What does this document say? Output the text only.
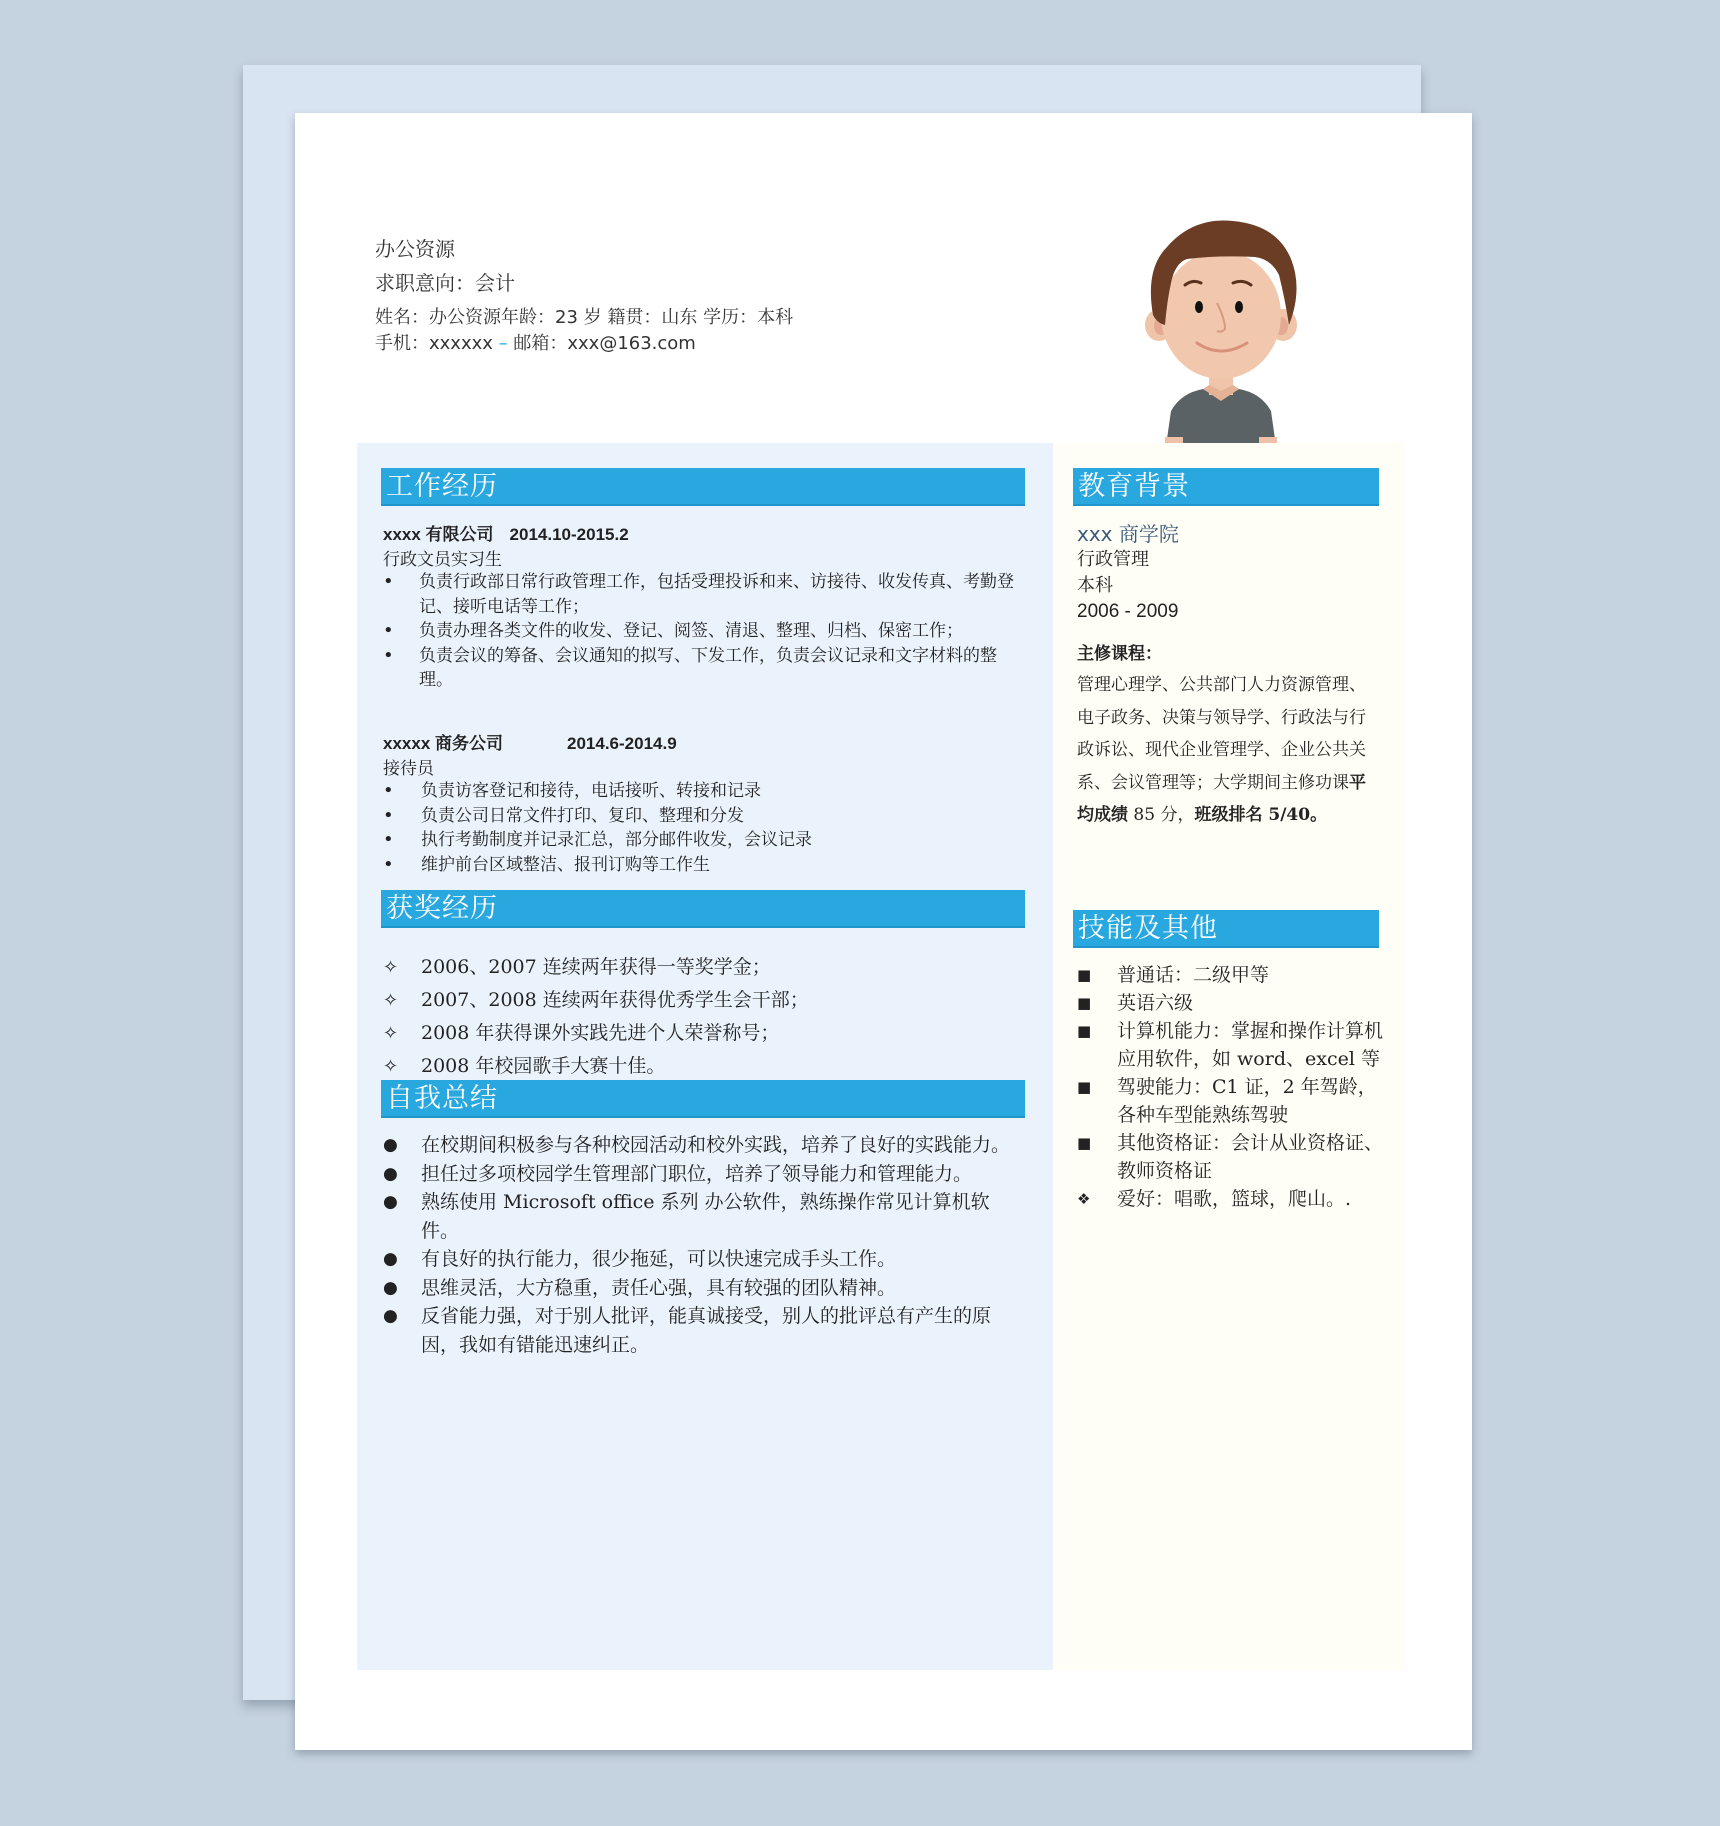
办公资源
求职意向：会计
姓名：办公资源年龄：23 岁 籍贯：山东 学历：本科
手机：xxxxxx – 邮箱：xxx@163.com
工作经历
xxxx 有限公司 2014.10-2015.2
行政文员实习生
• 负责行政部日常行政管理工作，包括受理投诉和来、访接待、收发传真、考勤登记、接听电话等工作；
• 负责办理各类文件的收发、登记、阅签、清退、整理、归档、保密工作；
• 负责会议的筹备、会议通知的拟写、下发工作，负责会议记录和文字材料的整理。
xxxxx 商务公司	2014.6-2014.9
接待员
• 负责访客登记和接待，电话接听、转接和记录
• 负责公司日常文件打印、复印、整理和分发
• 执行考勤制度并记录汇总，部分邮件收发，会议记录
• 维护前台区域整洁、报刊订购等工作生
获奖经历
✧ 2006、2007 连续两年获得一等奖学金；
✧ 2007、2008 连续两年获得优秀学生会干部；
✧ 2008 年获得课外实践先进个人荣誉称号；
✧ 2008 年校园歌手大赛十佳。
自我总结
● 在校期间积极参与各种校园活动和校外实践，培养了良好的实践能力。
● 担任过多项校园学生管理部门职位，培养了领导能力和管理能力。
● 熟练使用 Microsoft office 系列 办公软件，熟练操作常见计算机软件。
● 有良好的执行能力，很少拖延，可以快速完成手头工作。
● 思维灵活，大方稳重，责任心强，具有较强的团队精神。
● 反省能力强，对于别人批评，能真诚接受，别人的批评总有产生的原因，我如有错能迅速纠正。
教育背景
xxx 商学院
行政管理
本科
2006 - 2009
主修课程：
管理心理学、公共部门人力资源管理、电子政务、决策与领导学、行政法与行政诉讼、现代企业管理学、企业公共关系、会议管理等；大学期间主修功课平均成绩 85 分，班级排名 5/40。
技能及其他
■ 普通话：二级甲等
■ 英语六级
■ 计算机能力：掌握和操作计算机应用软件，如 word、excel 等
■ 驾驶能力：C1 证，2 年驾龄，各种车型能熟练驾驶
■ 其他资格证：会计从业资格证、教师资格证
❖ 爱好：唱歌，篮球，爬山。.
